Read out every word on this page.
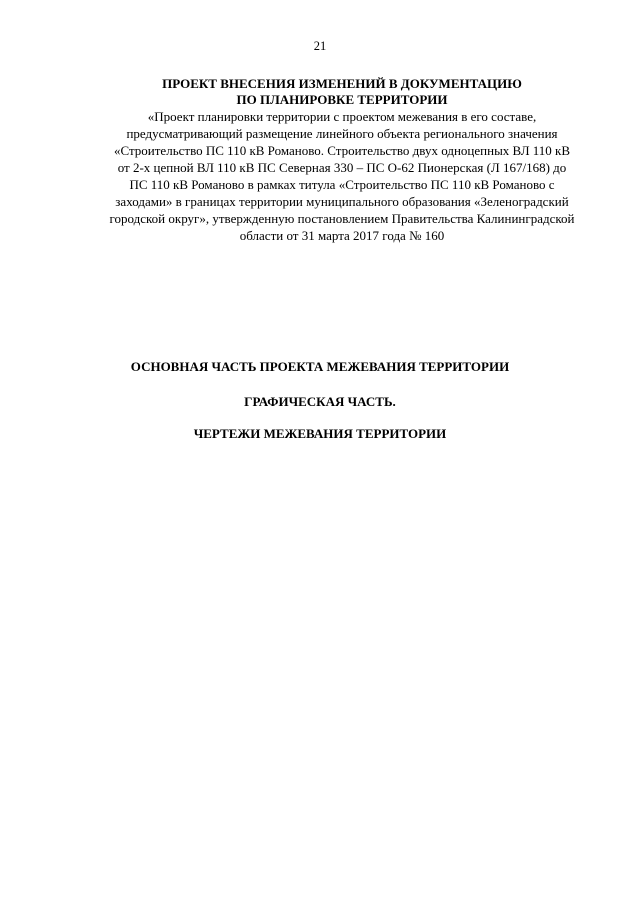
21

ПРОЕКТ ВНЕСЕНИЯ ИЗМЕНЕНИЙ В ДОКУМЕНТАЦИЮ

ПО ПЛАНИРОВКЕ ТЕРРИТОРИИ

«Проект планировки территории с проектом межевания в его составе,

предусматривающий размещение линейного объекта регионального значения

«Строительство ПС 110 кВ Романово. Строительство двух одноцепных ВЛ 110 кВ

от 2-х цепной ВЛ 110 кВ ПС Северная 330 – ПС О-62 Пионерская (Л 167/168) до

ПС 110 кВ Романово в рамках титула «Строительство ПС 110 кВ Романово с

заходами» в границах территории муниципального образования «Зеленоградский

городской округ», утвержденную постановлением Правительства Калининградской

области от 31 марта 2017 года № 160

ОСНОВНАЯ ЧАСТЬ ПРОЕКТА МЕЖЕВАНИЯ ТЕРРИТОРИИ

ГРАФИЧЕСКАЯ ЧАСТЬ.

ЧЕРТЕЖИ МЕЖЕВАНИЯ ТЕРРИТОРИИ
